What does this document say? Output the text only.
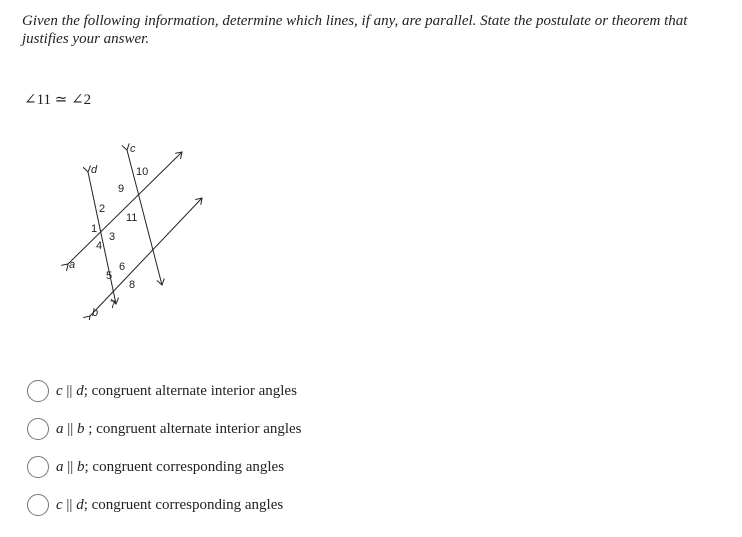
Given the following information, determine which lines, if any, are parallel. State the postulate or theorem that justifies your answer.
∠11 ≃ ∠2
a
b
c
d
1
2
3
4
5
6
7
8
9
10
11
c || d; congruent alternate interior angles
a || b ; congruent alternate interior angles
a || b; congruent corresponding angles
c || d; congruent corresponding angles
